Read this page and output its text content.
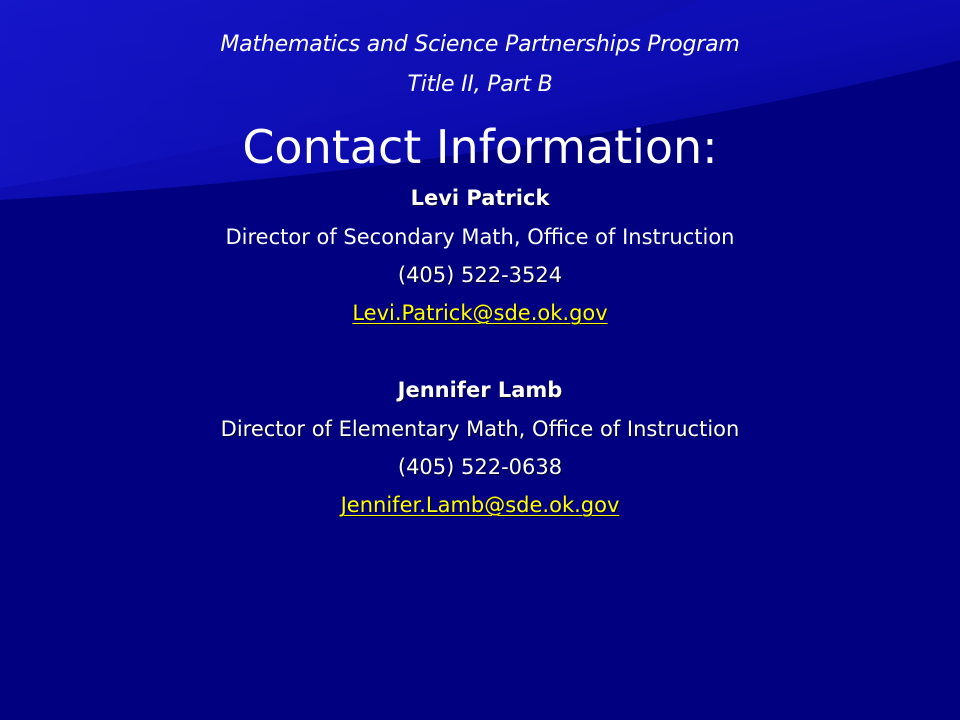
Mathematics and Science Partnerships Program
Title II, Part B
Contact Information:
Levi Patrick
Director of Secondary Math, Office of Instruction
(405) 522-3524
Levi.Patrick@sde.ok.gov
Jennifer Lamb
Director of Elementary Math, Office of Instruction
(405) 522-0638
Jennifer.Lamb@sde.ok.gov
